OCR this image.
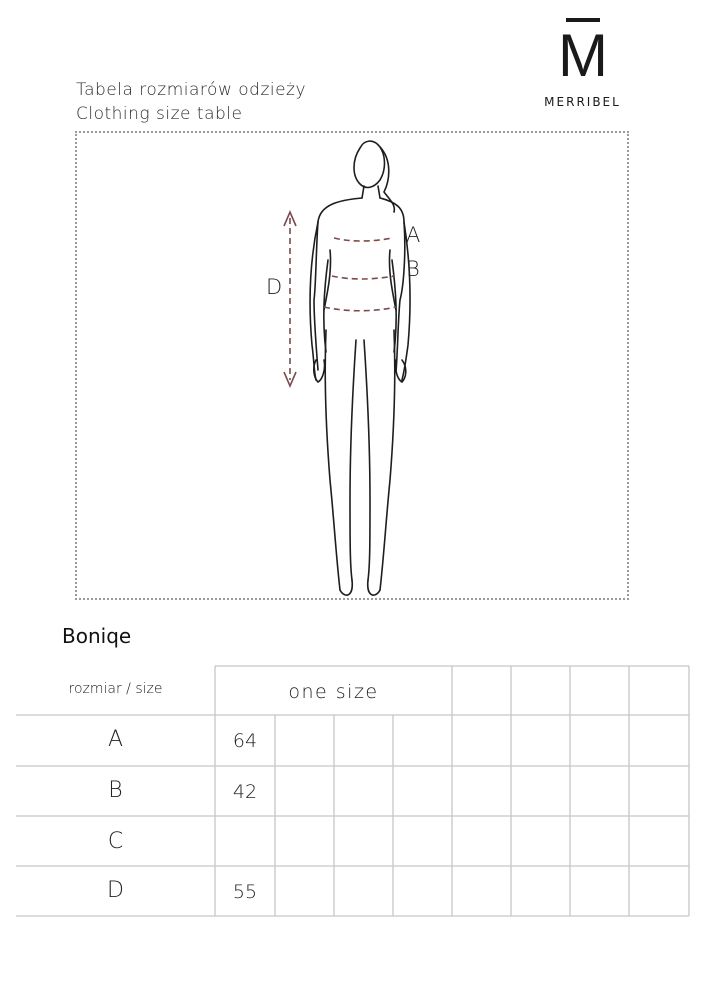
Tabela rozmiarów odzieży
Clothing size table
M
MERRIBEL
A
B
D
Boniqe
rozmiar / size	one size
A	64
B	42
C
D	55
